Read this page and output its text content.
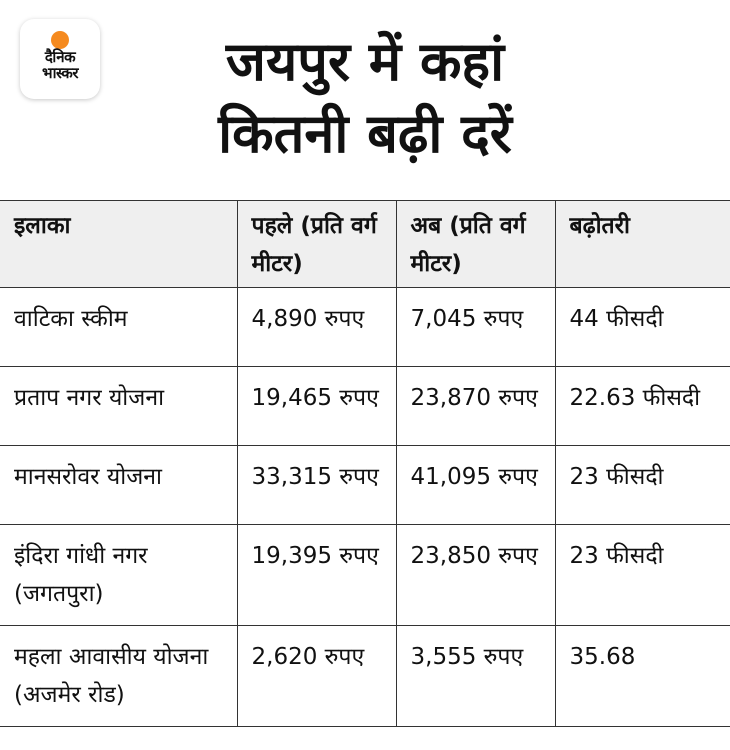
दैनिक
भास्कर	जयपुर में कहां
कितनी बढ़ी दरें
इलाका	पहले (प्रति वर्ग मीटर)	अब (प्रति वर्ग मीटर)	बढ़ोतरी
वाटिका स्कीम	4,890 रुपए	7,045 रुपए	44 फीसदी
प्रताप नगर योजना	19,465 रुपए	23,870 रुपए	22.63 फीसदी
मानसरोवर योजना	33,315 रुपए	41,095 रुपए	23 फीसदी
इंदिरा गांधी नगर (जगतपुरा)	19,395 रुपए	23,850 रुपए	23 फीसदी
महला आवासीय योजना (अजमेर रोड)	2,620 रुपए	3,555 रुपए	35.68
